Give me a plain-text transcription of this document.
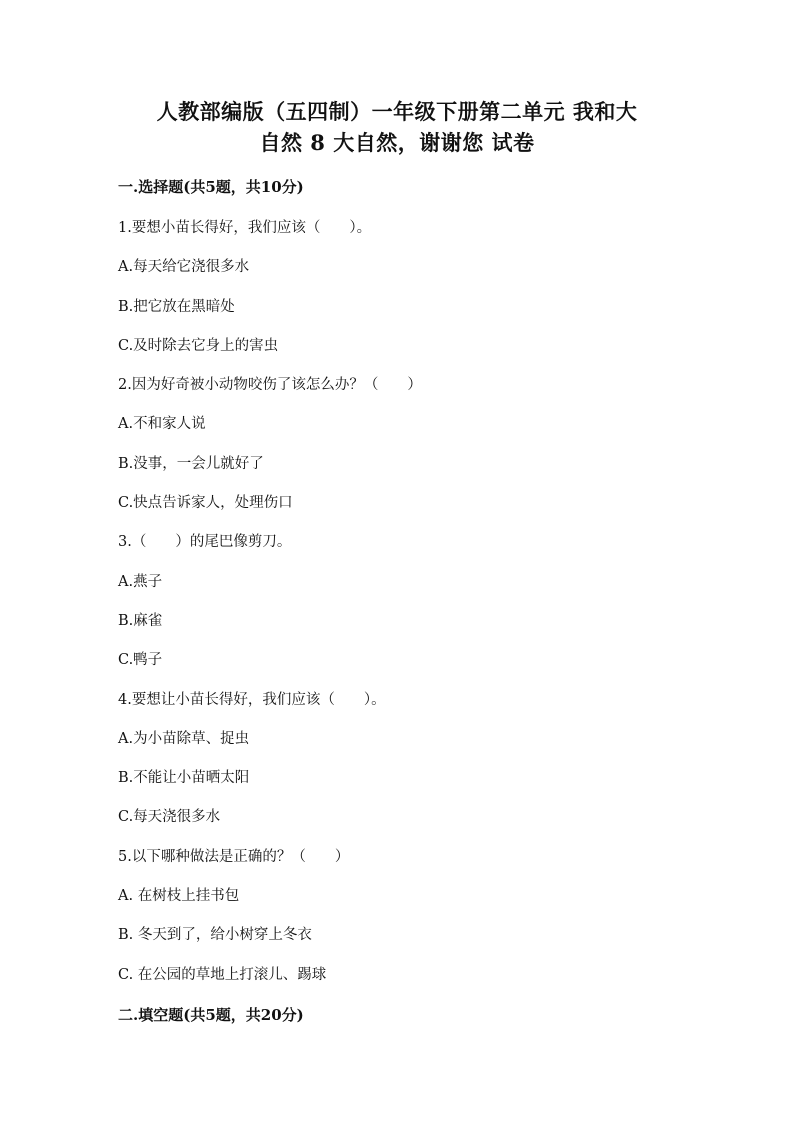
人教部编版（五四制）一年级下册第二单元 我和大
自然 8 大自然，谢谢您 试卷
一.选择题(共5题，共10分)
1.要想小苗长得好，我们应该（　　）。
A.每天给它浇很多水
B.把它放在黑暗处
C.及时除去它身上的害虫
2.因为好奇被小动物咬伤了该怎么办？（　　）
A.不和家人说
B.没事，一会儿就好了
C.快点告诉家人，处理伤口
3.（　　）的尾巴像剪刀。
A.燕子
B.麻雀
C.鸭子
4.要想让小苗长得好，我们应该（　　）。
A.为小苗除草、捉虫
B.不能让小苗晒太阳
C.每天浇很多水
5.以下哪种做法是正确的？（　　）
A. 在树枝上挂书包
B. 冬天到了，给小树穿上冬衣
C. 在公园的草地上打滚儿、踢球
二.填空题(共5题，共20分)
